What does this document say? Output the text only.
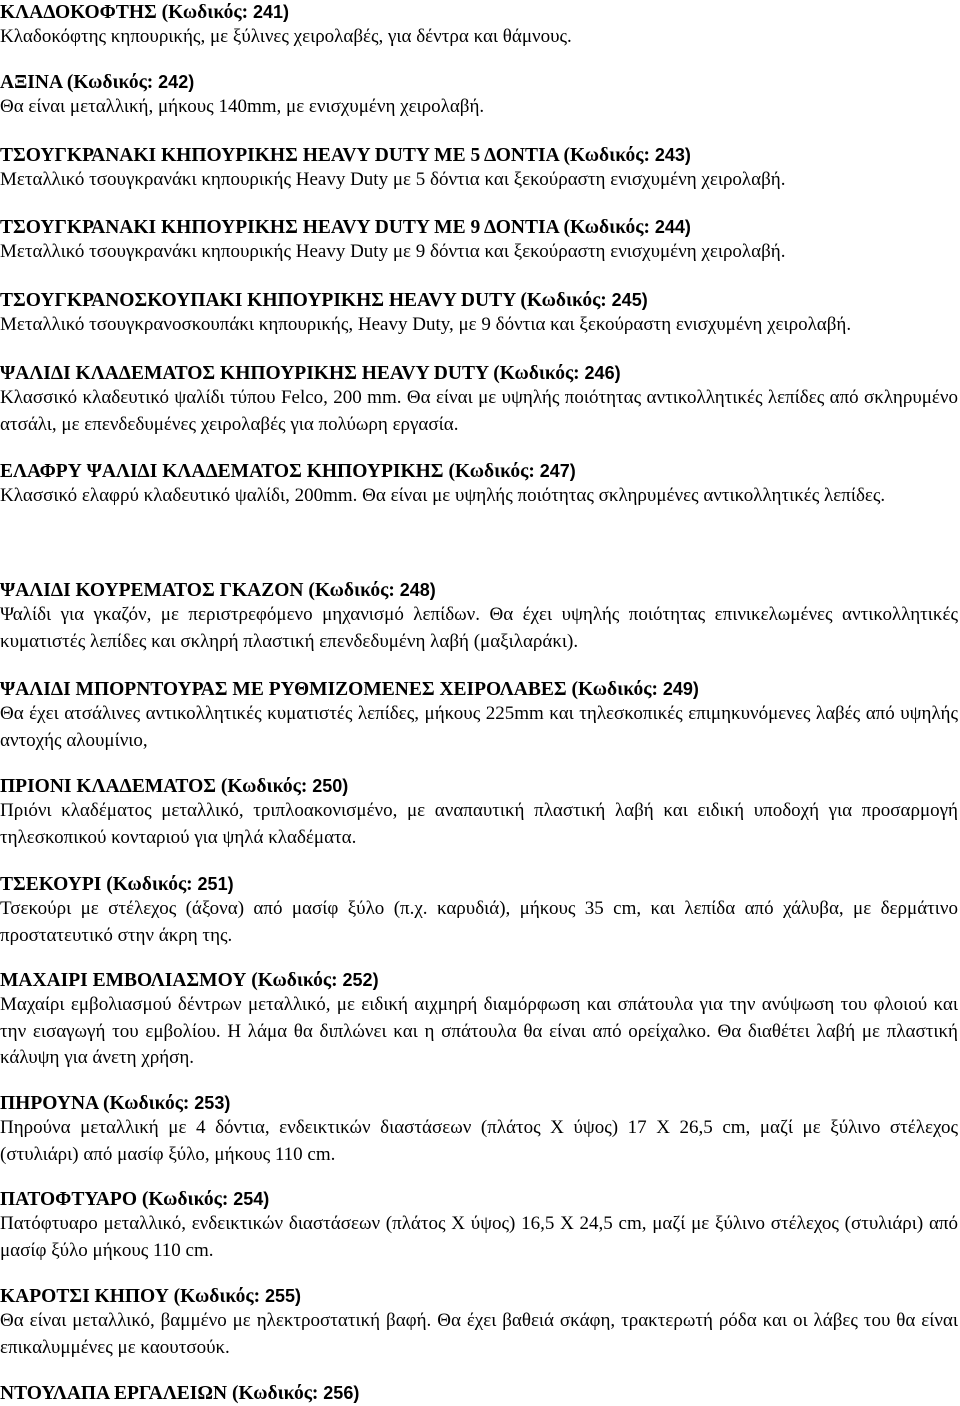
ΚΛΑΔΟΚΟΦΤΗΣ (Κωδικός: 241)
Κλαδοκόφτης κηπουρικής, με ξύλινες χειρολαβές, για δέντρα και θάμνους.
ΑΞΙΝΑ (Κωδικός: 242)
Θα είναι μεταλλική, μήκους 140mm, με ενισχυμένη χειρολαβή.
ΤΣΟΥΓΚΡΑΝΑΚΙ ΚΗΠΟΥΡΙΚΗΣ HEAVY DUTY ΜΕ 5 ΔΟΝΤΙΑ (Κωδικός: 243)
Μεταλλικό τσουγκρανάκι κηπουρικής Heavy Duty με 5 δόντια και ξεκούραστη ενισχυμένη χειρολαβή.
ΤΣΟΥΓΚΡΑΝΑΚΙ ΚΗΠΟΥΡΙΚΗΣ HEAVY DUTY ΜΕ 9 ΔΟΝΤΙΑ (Κωδικός: 244)
Μεταλλικό τσουγκρανάκι κηπουρικής Heavy Duty με 9 δόντια και ξεκούραστη ενισχυμένη χειρολαβή.
ΤΣΟΥΓΚΡΑΝΟΣΚΟΥΠΑΚΙ ΚΗΠΟΥΡΙΚΗΣ HEAVY DUTY (Κωδικός: 245)
Μεταλλικό τσουγκρανοσκουπάκι κηπουρικής, Heavy Duty, με 9 δόντια και ξεκούραστη ενισχυμένη χειρολαβή.
ΨΑΛΙΔΙ ΚΛΑΔΕΜΑΤΟΣ ΚΗΠΟΥΡΙΚΗΣ HEAVY DUTY (Κωδικός: 246)
Κλασσικό κλαδευτικό ψαλίδι τύπου Felco, 200 mm. Θα είναι με υψηλής ποιότητας αντικολλητικές λεπίδες από σκληρυμένο ατσάλι, με επενδεδυμένες χειρολαβές για πολύωρη εργασία.
ΕΛΑΦΡΥ ΨΑΛΙΔΙ ΚΛΑΔΕΜΑΤΟΣ ΚΗΠΟΥΡΙΚΗΣ (Κωδικός: 247)
Κλασσικό ελαφρύ κλαδευτικό ψαλίδι, 200mm. Θα είναι με υψηλής ποιότητας σκληρυμένες αντικολλητικές λεπίδες.
ΨΑΛΙΔΙ ΚΟΥΡΕΜΑΤΟΣ ΓΚΑΖΟΝ (Κωδικός: 248)
Ψαλίδι για γκαζόν, με περιστρεφόμενο μηχανισμό λεπίδων. Θα έχει υψηλής ποιότητας επινικελωμένες αντικολλητικές κυματιστές λεπίδες και σκληρή πλαστική επενδεδυμένη λαβή (μαξιλαράκι).
ΨΑΛΙΔΙ ΜΠΟΡΝΤΟΥΡΑΣ ΜΕ ΡΥΘΜΙΖΟΜΕΝΕΣ ΧΕΙΡΟΛΑΒΕΣ (Κωδικός: 249)
Θα έχει ατσάλινες αντικολλητικές κυματιστές λεπίδες, μήκους 225mm και τηλεσκοπικές επιμηκυνόμενες λαβές από υψηλής αντοχής αλουμίνιο,
ΠΡΙΟΝΙ ΚΛΑΔΕΜΑΤΟΣ (Κωδικός: 250)
Πριόνι κλαδέματος μεταλλικό, τριπλοακονισμένο, με αναπαυτική πλαστική λαβή και ειδική υποδοχή για προσαρμογή τηλεσκοπικού κονταριού για ψηλά κλαδέματα.
ΤΣΕΚΟΥΡΙ (Κωδικός: 251)
Τσεκούρι με στέλεχος (άξονα) από μασίφ ξύλο (π.χ. καρυδιά), μήκους 35 cm, και λεπίδα από χάλυβα, με δερμάτινο προστατευτικό στην άκρη της.
ΜΑΧΑΙΡΙ ΕΜΒΟΛΙΑΣΜΟΥ (Κωδικός: 252)
Μαχαίρι εμβολιασμού δέντρων μεταλλικό, με ειδική αιχμηρή διαμόρφωση και σπάτουλα για την ανύψωση του φλοιού και την εισαγωγή του εμβολίου. Η λάμα θα διπλώνει και η σπάτουλα θα είναι από ορείχαλκο. Θα διαθέτει λαβή με πλαστική κάλυψη για άνετη χρήση.
ΠΗΡΟΥΝΑ (Κωδικός: 253)
Πηρούνα μεταλλική με 4 δόντια, ενδεικτικών διαστάσεων (πλάτος Χ ύψος) 17 Χ 26,5 cm, μαζί με ξύλινο στέλεχος (στυλιάρι) από μασίφ ξύλο, μήκους 110 cm.
ΠΑΤΟΦΤΥΑΡΟ (Κωδικός: 254)
Πατόφτυαρο μεταλλικό, ενδεικτικών διαστάσεων (πλάτος Χ ύψος) 16,5 Χ 24,5 cm, μαζί με ξύλινο στέλεχος (στυλιάρι) από μασίφ ξύλο μήκους 110 cm.
ΚΑΡΟΤΣΙ ΚΗΠΟΥ (Κωδικός: 255)
Θα είναι μεταλλικό, βαμμένο με ηλεκτροστατική βαφή. Θα έχει βαθειά σκάφη, τρακτερωτή ρόδα και οι λάβες του θα είναι επικαλυμμένες με καουτσούκ.
ΝΤΟΥΛΑΠΑ ΕΡΓΑΛΕΙΩΝ (Κωδικός: 256)
